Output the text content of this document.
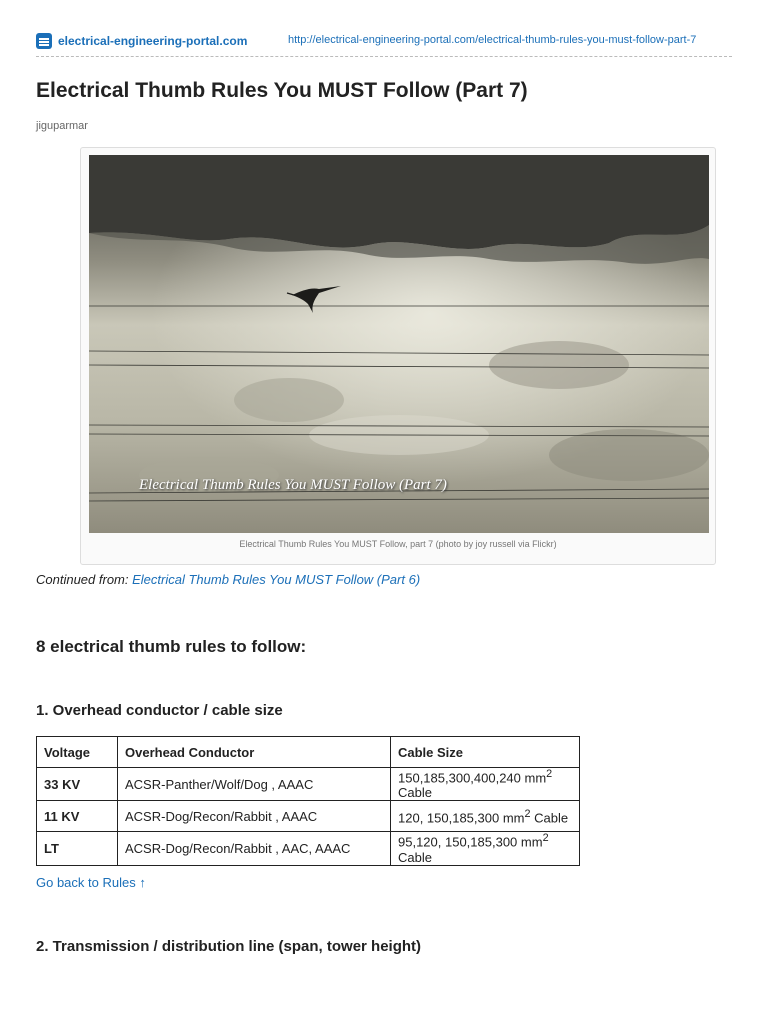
electrical-engineering-portal.com	http://electrical-engineering-portal.com/electrical-thumb-rules-you-must-follow-part-7
Electrical Thumb Rules You MUST Follow (Part 7)
jiguparmar
Electrical Thumb Rules You MUST Follow (Part 7)
Electrical Thumb Rules You MUST Follow, part 7 (photo by joy russell via Flickr)
Continued from: Electrical Thumb Rules You MUST Follow (Part 6)
8 electrical thumb rules to follow:
1. Overhead conductor / cable size
Voltage	Overhead Conductor	Cable Size
33 KV	ACSR-Panther/Wolf/Dog , AAAC	150,185,300,400,240 $mm^2$ Cable
11 KV	ACSR-Dog/Recon/Rabbit , AAAC	120, 150,185,300 $mm^2$ Cable
LT	ACSR-Dog/Recon/Rabbit , AAC, AAAC	95,120, 150,185,300 $mm^2$ Cable
Go back to Rules ↑
2. Transmission / distribution line (span, tower height)
